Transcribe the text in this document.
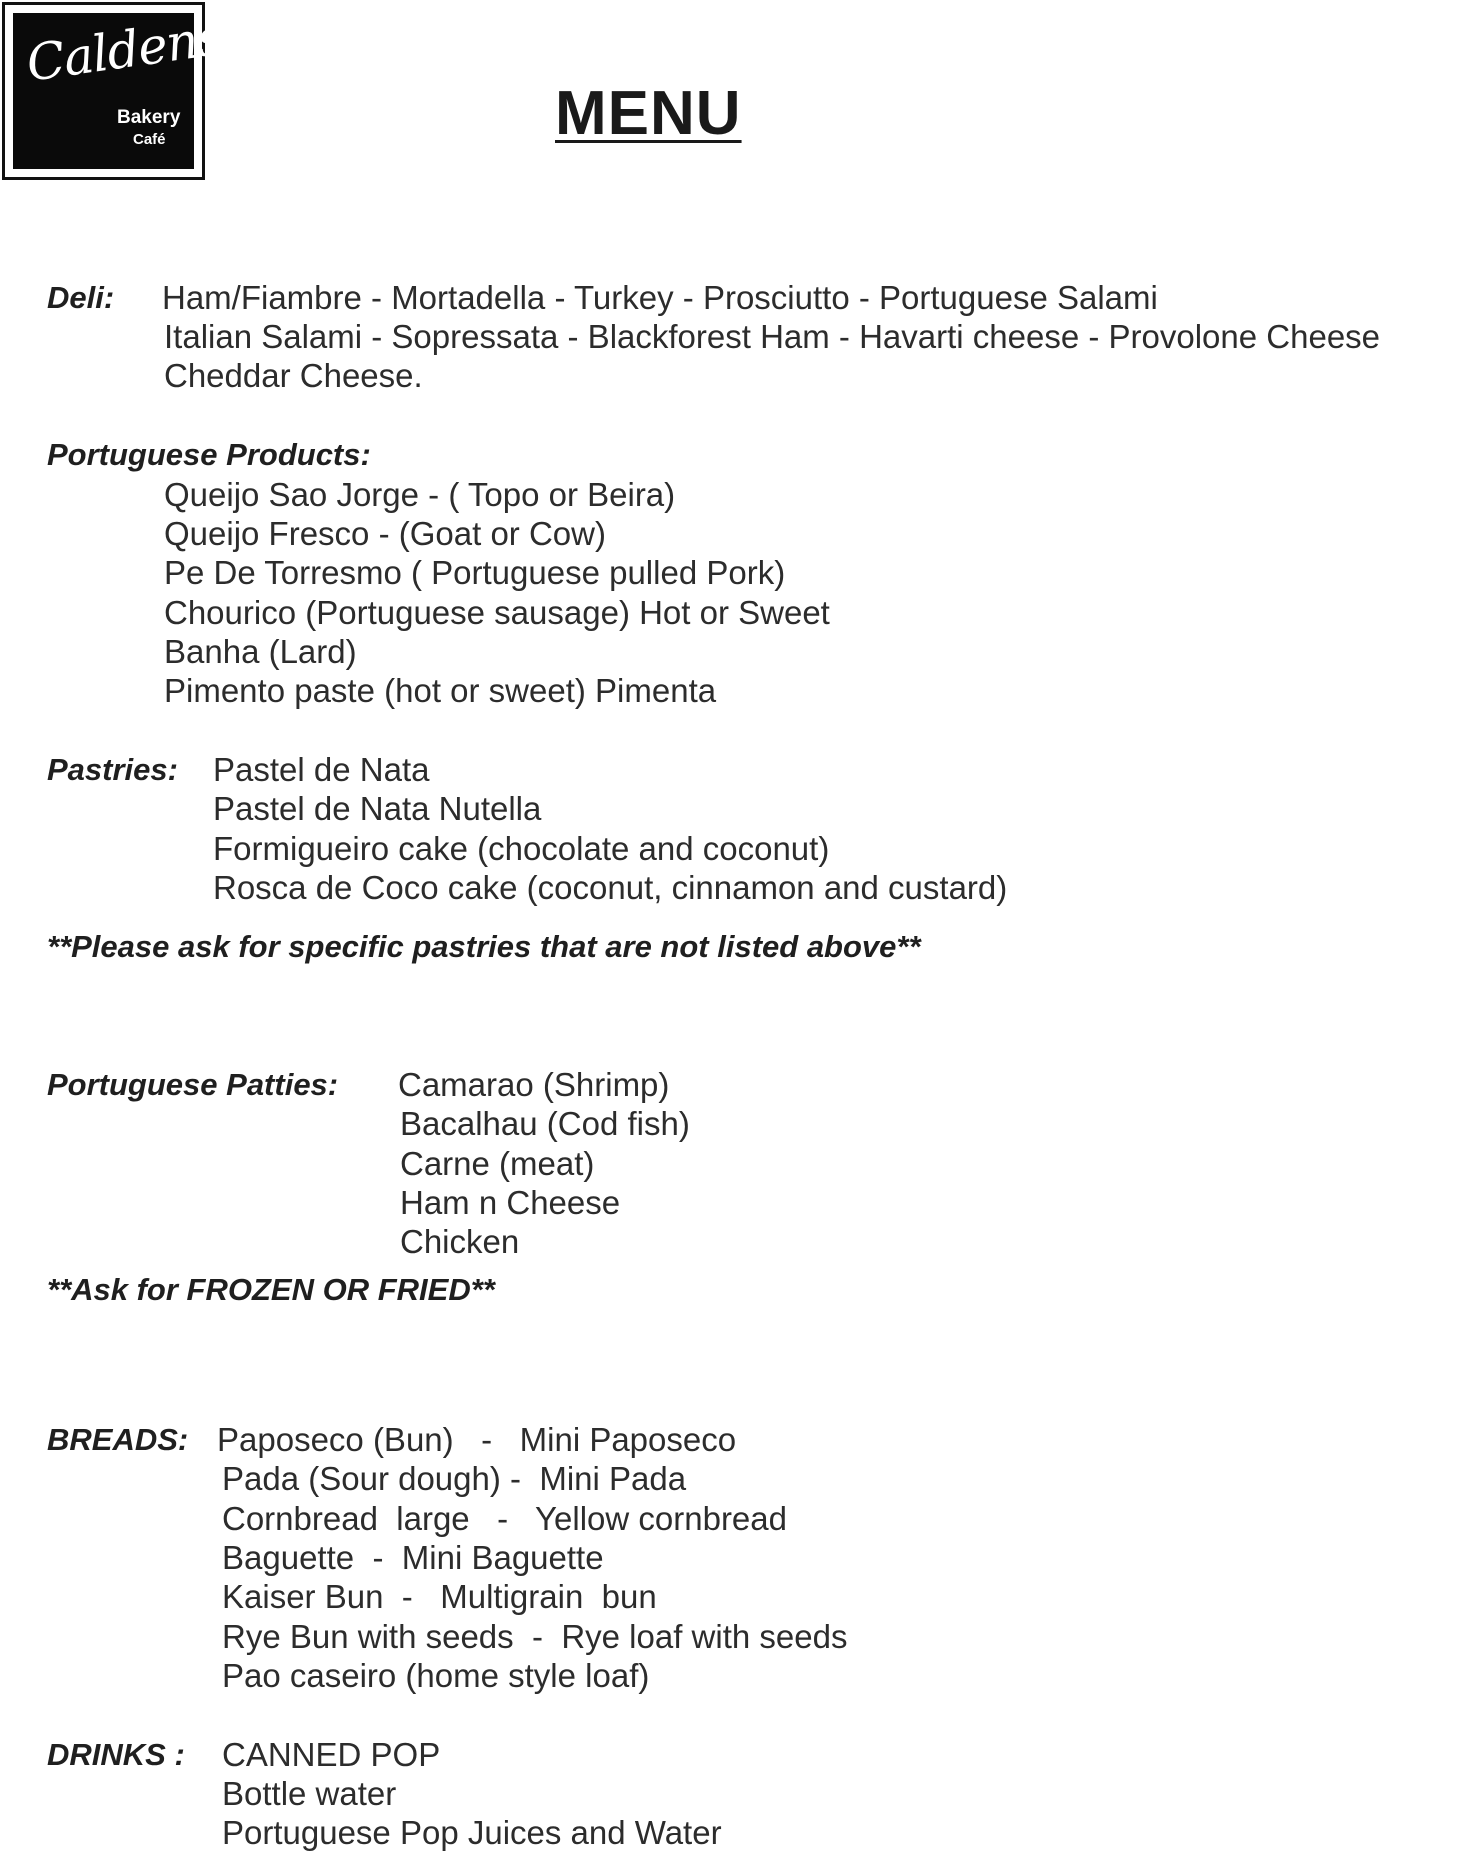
Caldense
Bakery
Café	MENU
Deli: Ham/Fiambre - Mortadella - Turkey - Prosciutto - Portuguese Salami
Italian Salami - Sopressata - Blackforest Ham - Havarti cheese - Provolone Cheese
Cheddar Cheese.
Portuguese Products:
Queijo Sao Jorge - ( Topo or Beira)
Queijo Fresco - (Goat or Cow)
Pe De Torresmo ( Portuguese pulled Pork)
Chourico (Portuguese sausage) Hot or Sweet
Banha (Lard)
Pimento paste (hot or sweet) Pimenta
Pastries: Pastel de Nata
Pastel de Nata Nutella
Formigueiro cake (chocolate and coconut)
Rosca de Coco cake (coconut, cinnamon and custard)
**Please ask for specific pastries that are not listed above**
Portuguese Patties: Camarao (Shrimp)
Bacalhau (Cod fish)
Carne (meat)
Ham n Cheese
Chicken
**Ask for FROZEN OR FRIED**
BREADS: Paposeco (Bun)   -   Mini Paposeco
Pada (Sour dough) -  Mini Pada
Cornbread  large   -   Yellow cornbread
Baguette  -  Mini Baguette
Kaiser Bun  -   Multigrain  bun
Rye Bun with seeds  -  Rye loaf with seeds
Pao caseiro (home style loaf)
DRINKS : CANNED POP
Bottle water
Portuguese Pop Juices and Water
